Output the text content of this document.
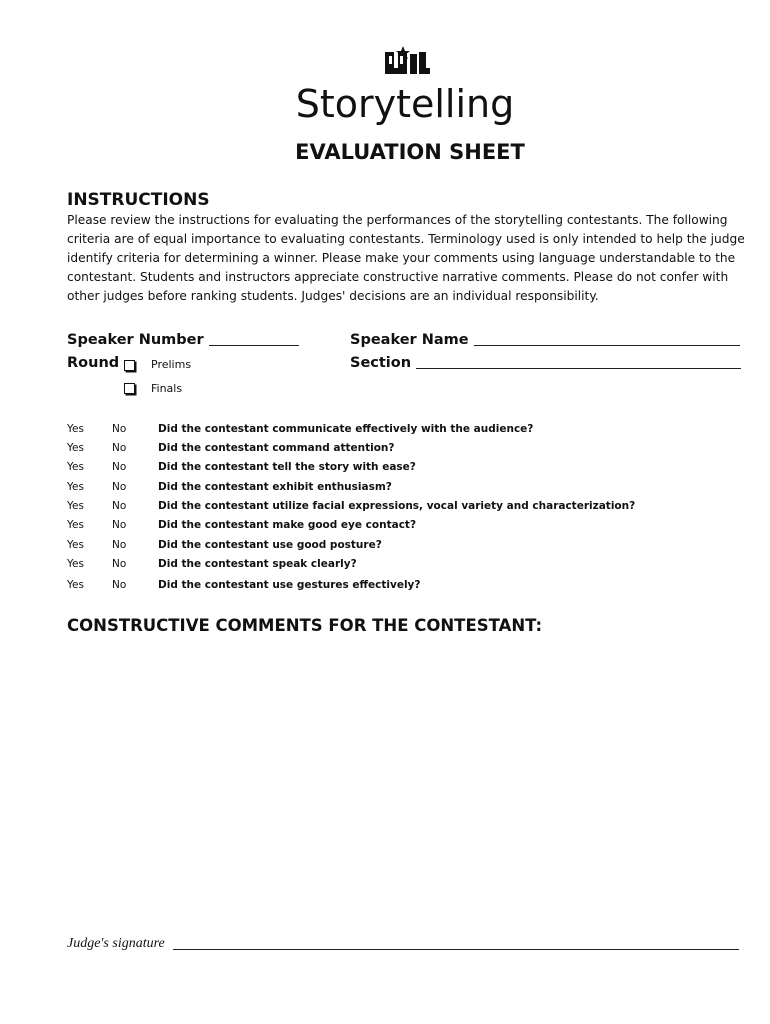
Storytelling
EVALUATION SHEET
INSTRUCTIONS

Please review the instructions for evaluating the performances of the storytelling contestants. The following criteria are of equal importance to evaluating contestants. Terminology used is only intended to help the judge identify criteria for determining a winner. Please make your comments using language understandable to the contestant. Students and instructors appreciate constructive narrative comments. Please do not confer with other judges before ranking students. Judges' decisions are an individual responsibility.

Speaker Number	Speaker Name
Round	Prelims
Finals
Section
Yes	No	Did the contestant communicate effectively with the audience?
Yes	No	Did the contestant command attention?
Yes	No	Did the contestant tell the story with ease?
Yes	No	Did the contestant exhibit enthusiasm?
Yes	No	Did the contestant utilize facial expressions, vocal variety and characterization?
Yes	No	Did the contestant make good eye contact?
Yes	No	Did the contestant use good posture?
Yes	No	Did the contestant speak clearly?
Yes	No	Did the contestant use gestures effectively?
CONSTRUCTIVE COMMENTS FOR THE CONTESTANT:
Judge's signature
